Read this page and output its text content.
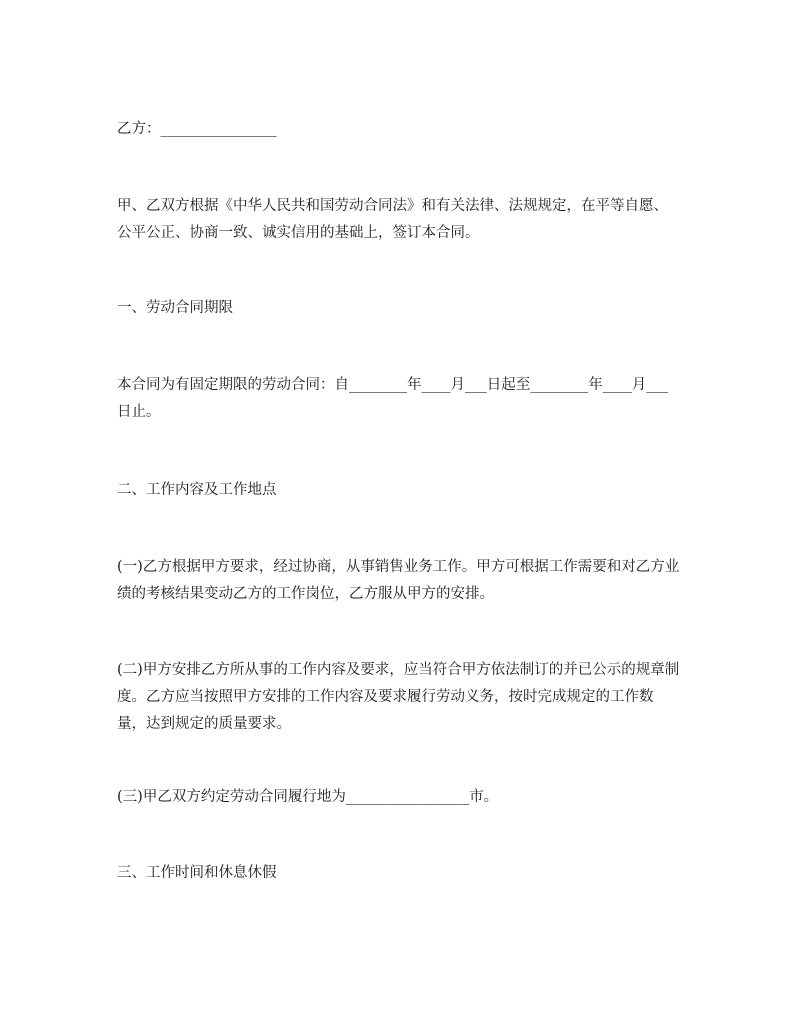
乙方：________________

甲、乙双方根据《中华人民共和国劳动合同法》和有关法律、法规规定，在平等自愿、公平公正、协商一致、诚实信用的基础上，签订本合同。

一、劳动合同期限

本合同为有固定期限的劳动合同：自________年____月___日起至________年____月___日止。

二、工作内容及工作地点

(一)乙方根据甲方要求，经过协商，从事销售业务工作。甲方可根据工作需要和对乙方业绩的考核结果变动乙方的工作岗位，乙方服从甲方的安排。

(二)甲方安排乙方所从事的工作内容及要求，应当符合甲方依法制订的并已公示的规章制度。乙方应当按照甲方安排的工作内容及要求履行劳动义务，按时完成规定的工作数量，达到规定的质量要求。

(三)甲乙双方约定劳动合同履行地为_________________市。

三、工作时间和休息休假
